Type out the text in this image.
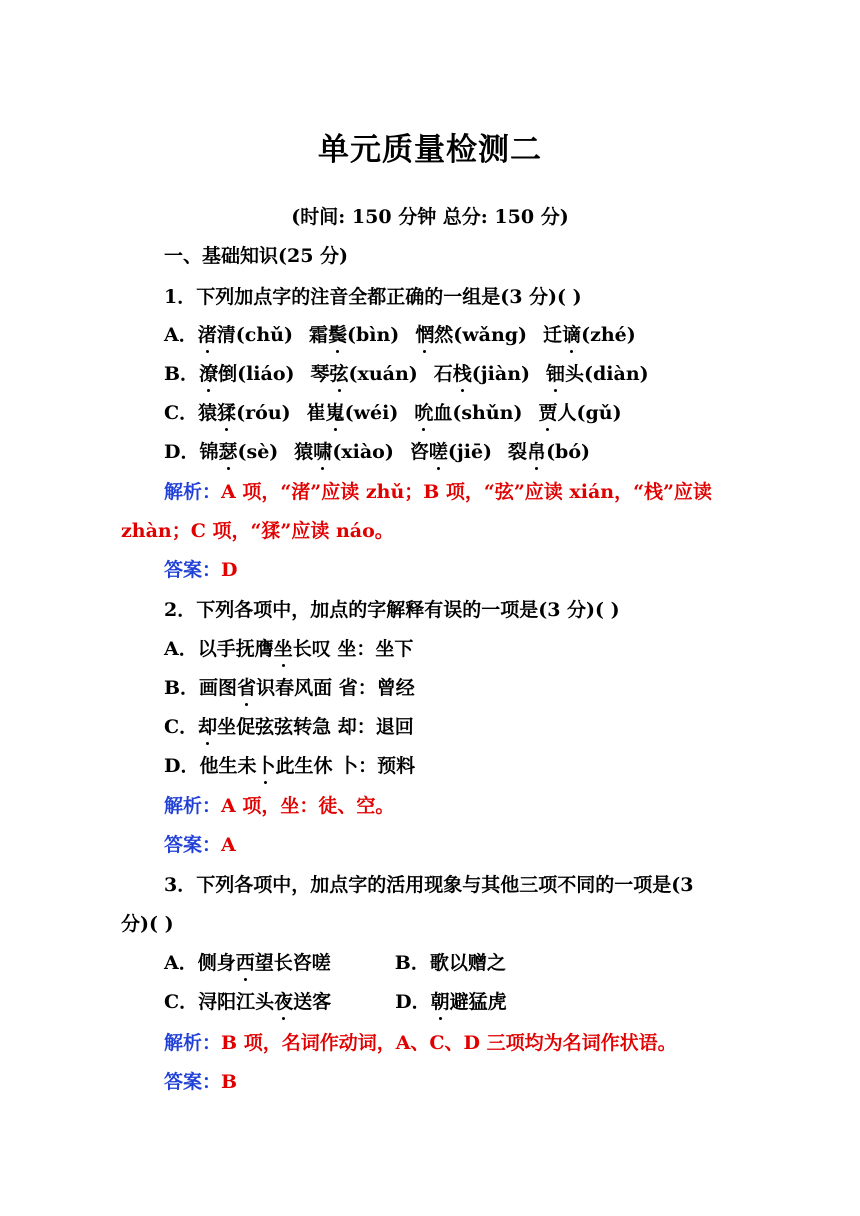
单元质量检测二
(时间: 150 分钟 总分: 150 分)
一、基础知识(25 分)
1．下列加点字的注音全都正确的一组是(3 分)( )
A．渚清(chǔ) 霜鬓(bìn) 惘然(wǎng) 迁谪(zhé)
B．潦倒(liáo) 琴弦(xuán) 石栈(jiàn) 钿头(diàn)
C．猿猱(róu) 崔嵬(wéi) 吮血(shǔn) 贾人(gǔ)
D．锦瑟(sè) 猿啸(xiào) 咨嗟(jiē) 裂帛(bó)
解析：A 项，“渚”应读 zhǔ；B 项，“弦”应读 xián，“栈”应读
zhàn；C 项，“猱”应读 náo。
答案：D
2．下列各项中，加点的字解释有误的一项是(3 分)( )
A．以手抚膺坐长叹 坐：坐下
B．画图省识春风面 省：曾经
C．却坐促弦弦转急 却：退回
D．他生未卜此生休 卜：预料
解析：A 项，坐：徒、空。
答案：A
3．下列各项中，加点字的活用现象与其他三项不同的一项是(3
分)( )
A．侧身西望长咨嗟	B．歌以赠之
C．浔阳江头夜送客	D．朝避猛虎
解析：B 项，名词作动词，A、C、D 三项均为名词作状语。
答案：B
